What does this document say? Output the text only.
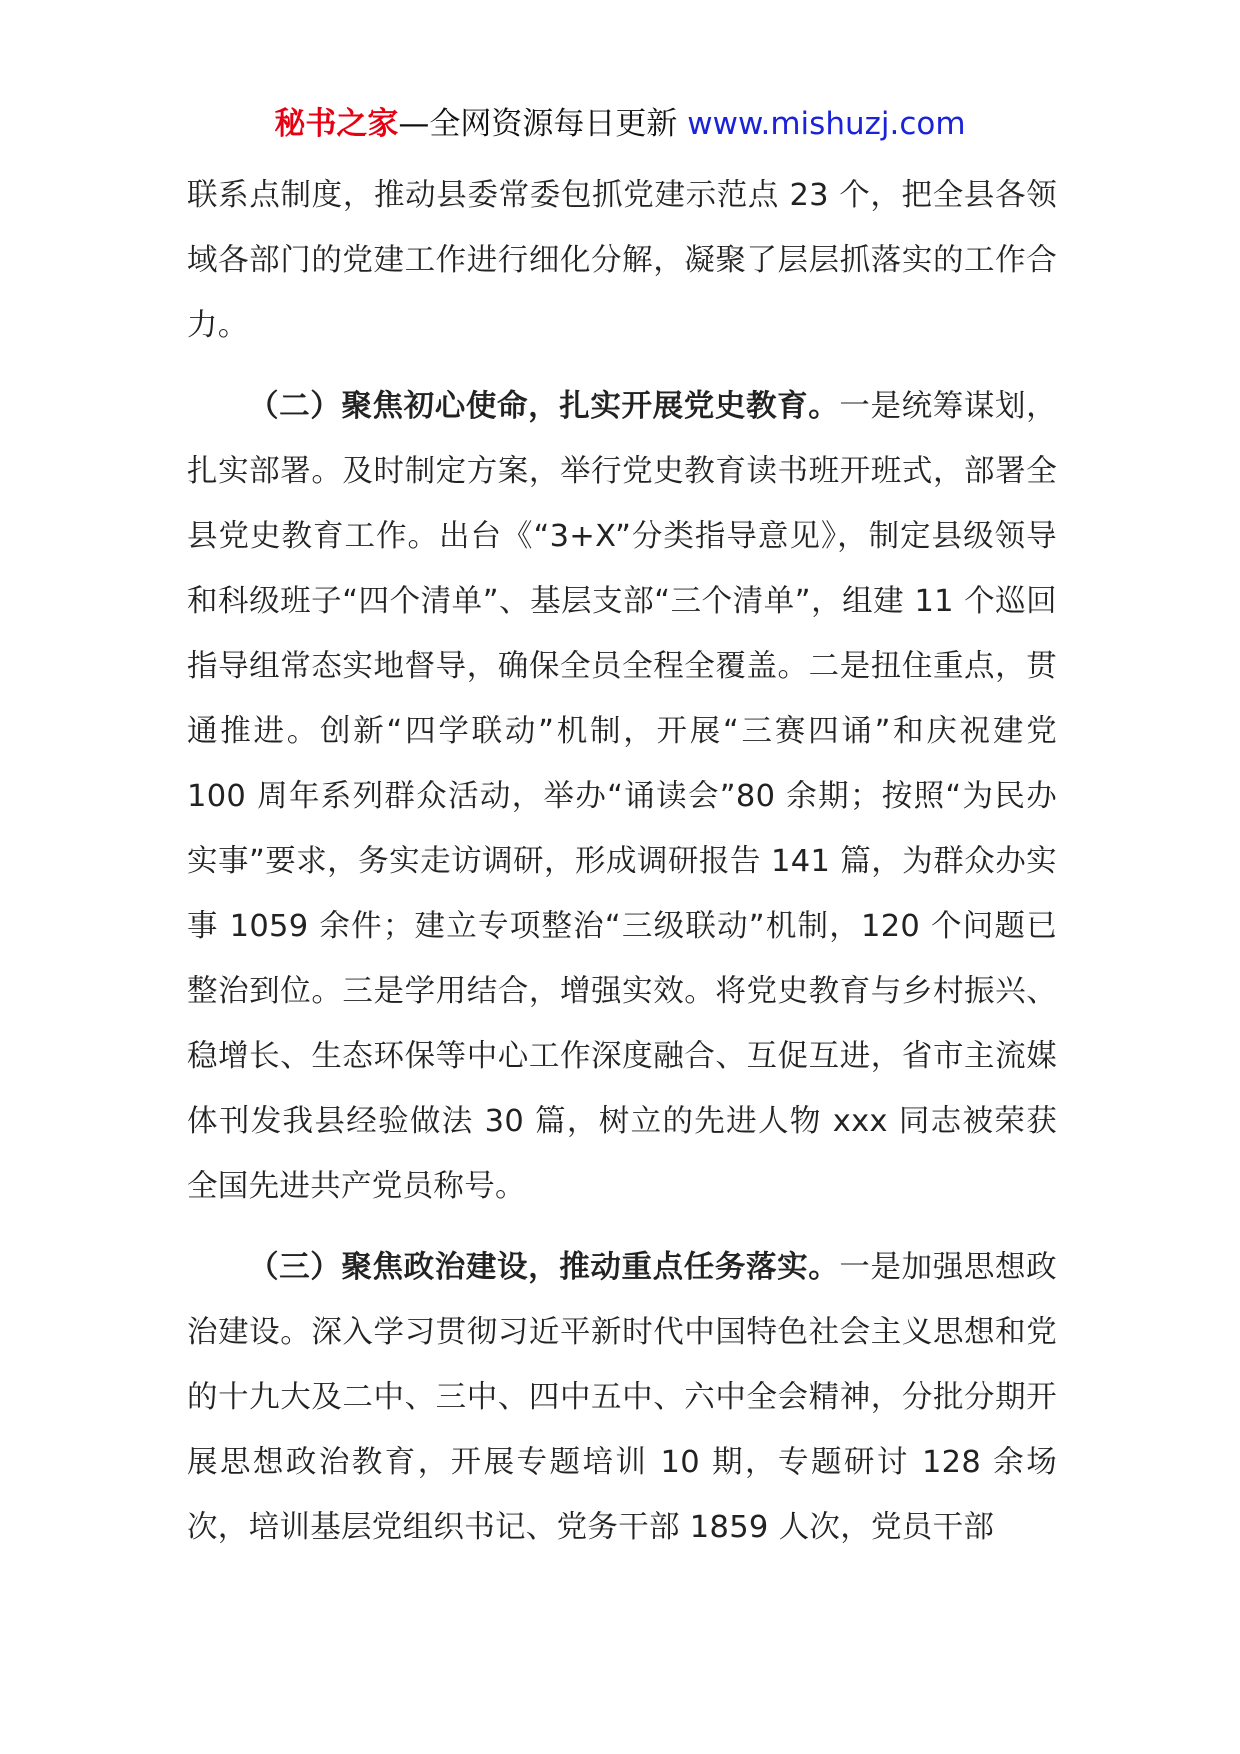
秘书之家—全网资源每日更新 www.mishuzj.com

联系点制度，推动县委常委包抓党建示范点 23 个，把全县各领域各部门的党建工作进行细化分解，凝聚了层层抓落实的工作合力。

（二）聚焦初心使命，扎实开展党史教育。一是统筹谋划，扎实部署。及时制定方案，举行党史教育读书班开班式，部署全县党史教育工作。出台《“3+X”分类指导意见》，制定县级领导和科级班子“四个清单”、基层支部“三个清单”，组建 11 个巡回指导组常态实地督导，确保全员全程全覆盖。二是扭住重点，贯通推进。创新“四学联动”机制，开展“三赛四诵”和庆祝建党 100 周年系列群众活动，举办“诵读会”80 余期；按照“为民办实事”要求，务实走访调研，形成调研报告 141 篇，为群众办实事 1059 余件；建立专项整治“三级联动”机制，120 个问题已整治到位。三是学用结合，增强实效。将党史教育与乡村振兴、稳增长、生态环保等中心工作深度融合、互促互进，省市主流媒体刊发我县经验做法 30 篇，树立的先进人物 xxx 同志被荣获全国先进共产党员称号。

（三）聚焦政治建设，推动重点任务落实。一是加强思想政治建设。深入学习贯彻习近平新时代中国特色社会主义思想和党的十九大及二中、三中、四中五中、六中全会精神，分批分期开展思想政治教育，开展专题培训 10 期，专题研讨 128 余场次，培训基层党组织书记、党务干部 1859 人次，党员干部
